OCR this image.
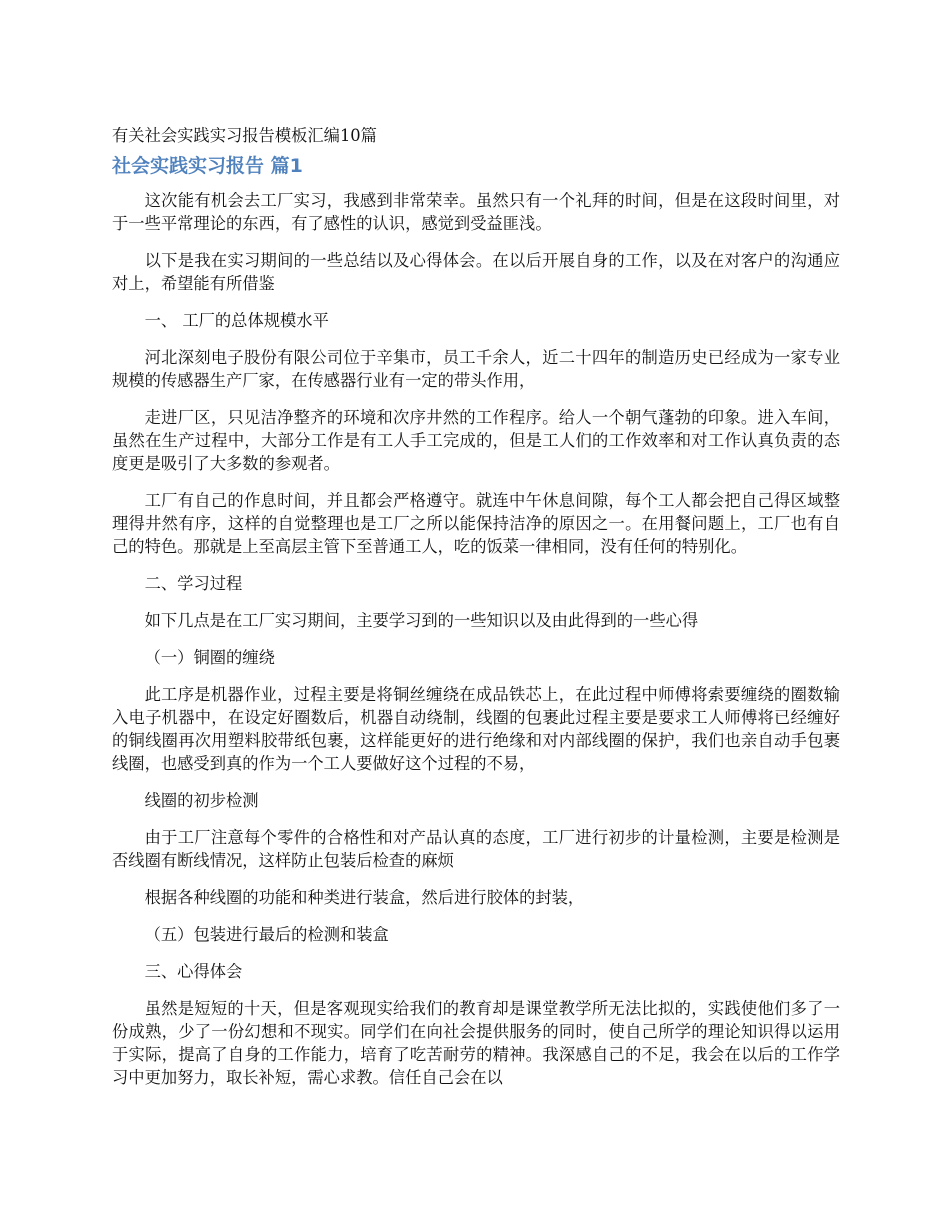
有关社会实践实习报告模板汇编10篇
社会实践实习报告 篇1

这次能有机会去工厂实习，我感到非常荣幸。虽然只有一个礼拜的时间，但是在这段时间里，对于一些平常理论的东西，有了感性的认识，感觉到受益匪浅。

以下是我在实习期间的一些总结以及心得体会。在以后开展自身的工作，以及在对客户的沟通应对上，希望能有所借鉴

一、 工厂的总体规模水平

河北深刻电子股份有限公司位于辛集市，员工千余人，近二十四年的制造历史已经成为一家专业规模的传感器生产厂家，在传感器行业有一定的带头作用，

走进厂区，只见洁净整齐的环境和次序井然的工作程序。给人一个朝气蓬勃的印象。进入车间，虽然在生产过程中，大部分工作是有工人手工完成的，但是工人们的工作效率和对工作认真负责的态度更是吸引了大多数的参观者。

工厂有自己的作息时间，并且都会严格遵守。就连中午休息间隙，每个工人都会把自己得区域整理得井然有序，这样的自觉整理也是工厂之所以能保持洁净的原因之一。在用餐问题上，工厂也有自己的特色。那就是上至高层主管下至普通工人，吃的饭菜一律相同，没有任何的特别化。

二、学习过程

如下几点是在工厂实习期间，主要学习到的一些知识以及由此得到的一些心得

（一）铜圈的缠绕

此工序是机器作业，过程主要是将铜丝缠绕在成品铁芯上，在此过程中师傅将索要缠绕的圈数输入电子机器中，在设定好圈数后，机器自动绕制，线圈的包裹此过程主要是要求工人师傅将已经缠好的铜线圈再次用塑料胶带纸包裹，这样能更好的进行绝缘和对内部线圈的保护，我们也亲自动手包裹线圈，也感受到真的作为一个工人要做好这个过程的不易，

线圈的初步检测

由于工厂注意每个零件的合格性和对产品认真的态度，工厂进行初步的计量检测，主要是检测是否线圈有断线情况，这样防止包装后检查的麻烦

根据各种线圈的功能和种类进行装盒，然后进行胶体的封装，

（五）包装进行最后的检测和装盒

三、心得体会

虽然是短短的十天，但是客观现实给我们的教育却是课堂教学所无法比拟的，实践使他们多了一份成熟，少了一份幻想和不现实。同学们在向社会提供服务的同时，使自己所学的理论知识得以运用于实际，提高了自身的工作能力，培育了吃苦耐劳的精神。我深感自己的不足，我会在以后的工作学习中更加努力，取长补短，需心求教。信任自己会在以
